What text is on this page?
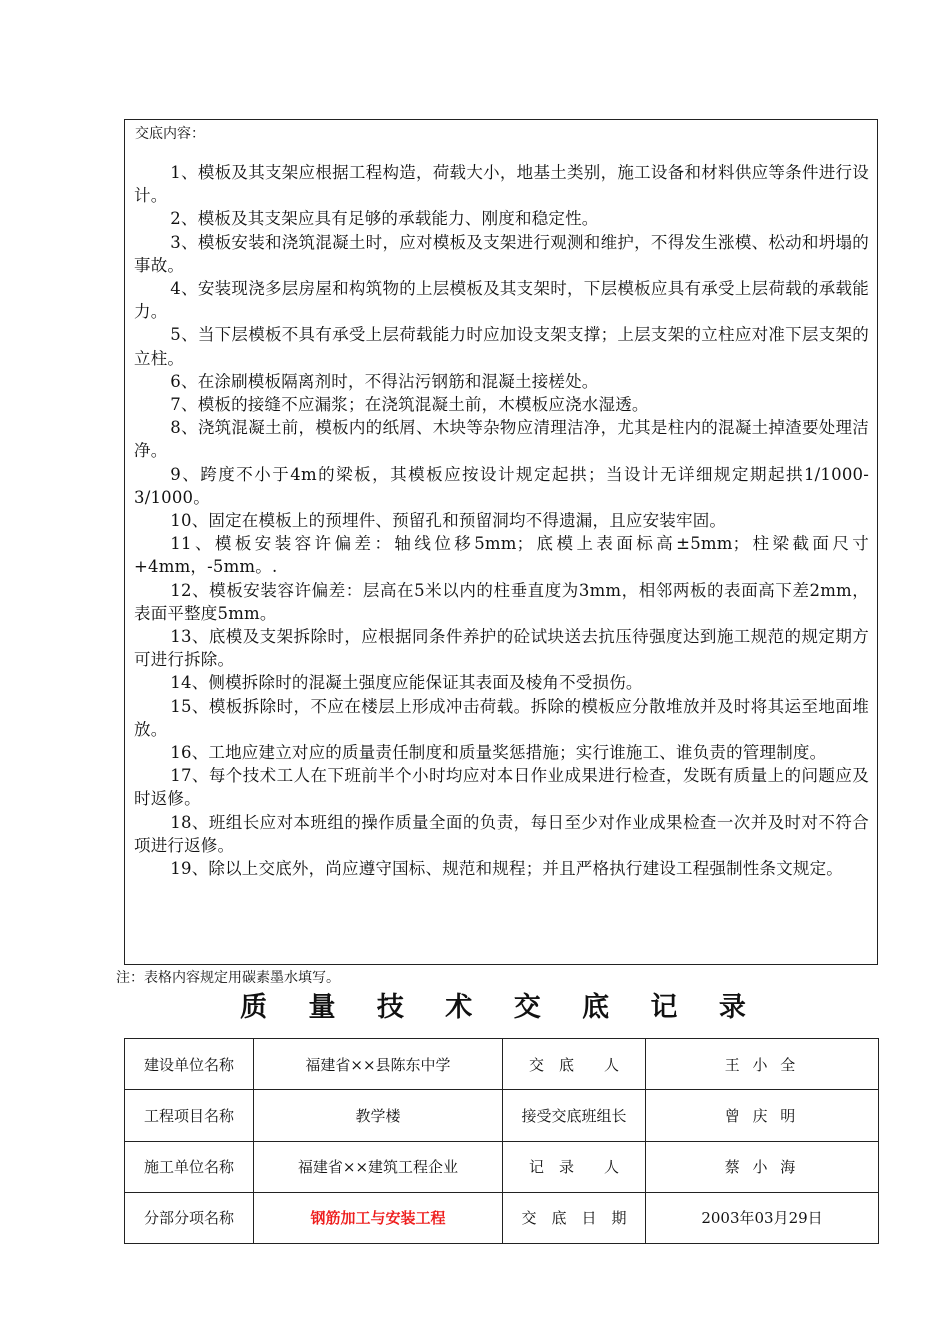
交底内容：
1、模板及其支架应根据工程构造，荷载大小，地基土类别，施工设备和材料供应等条件进行设计。
2、模板及其支架应具有足够的承载能力、刚度和稳定性。
3、模板安装和浇筑混凝土时，应对模板及支架进行观测和维护，不得发生涨模、松动和坍塌的事故。
4、安装现浇多层房屋和构筑物的上层模板及其支架时，下层模板应具有承受上层荷载的承载能力。
5、当下层模板不具有承受上层荷载能力时应加设支架支撑；上层支架的立柱应对准下层支架的立柱。
6、在涂刷模板隔离剂时，不得沾污钢筋和混凝土接槎处。
7、模板的接缝不应漏浆；在浇筑混凝土前，木模板应浇水湿透。
8、浇筑混凝土前，模板内的纸屑、木块等杂物应清理洁净，尤其是柱内的混凝土掉渣要处理洁净。
9、跨度不小于4m的梁板，其模板应按设计规定起拱；当设计无详细规定期起拱1/1000-3/1000。
10、固定在模板上的预埋件、预留孔和预留洞均不得遗漏，且应安装牢固。
11、模板安装容许偏差：轴线位移5mm；底模上表面标高±5mm；柱梁截面尺寸+4mm，-5mm。.
12、模板安装容许偏差：层高在5米以内的柱垂直度为3mm，相邻两板的表面高下差2mm，表面平整度5mm。
13、底模及支架拆除时，应根据同条件养护的砼试块送去抗压待强度达到施工规范的规定期方可进行拆除。
14、侧模拆除时的混凝土强度应能保证其表面及棱角不受损伤。
15、模板拆除时，不应在楼层上形成冲击荷载。拆除的模板应分散堆放并及时将其运至地面堆放。
16、工地应建立对应的质量责任制度和质量奖惩措施；实行谁施工、谁负责的管理制度。
17、每个技术工人在下班前半个小时均应对本日作业成果进行检查，发既有质量上的问题应及时返修。
18、班组长应对本班组的操作质量全面的负责，每日至少对作业成果检查一次并及时对不符合项进行返修。
19、除以上交底外，尚应遵守国标、规范和规程；并且严格执行建设工程强制性条文规定。
注：表格内容规定用碳素墨水填写。
质 量 技 术 交 底 记 录
建设单位名称	福建省××县陈东中学	交　底　　人	王 小 全
工程项目名称	教学楼	接受交底班组长	曾 庆 明
施工单位名称	福建省××建筑工程企业	记　录　　人	蔡 小 海
分部分项名称	钢筋加工与安装工程	交　底　日　期	2003年03月29日
